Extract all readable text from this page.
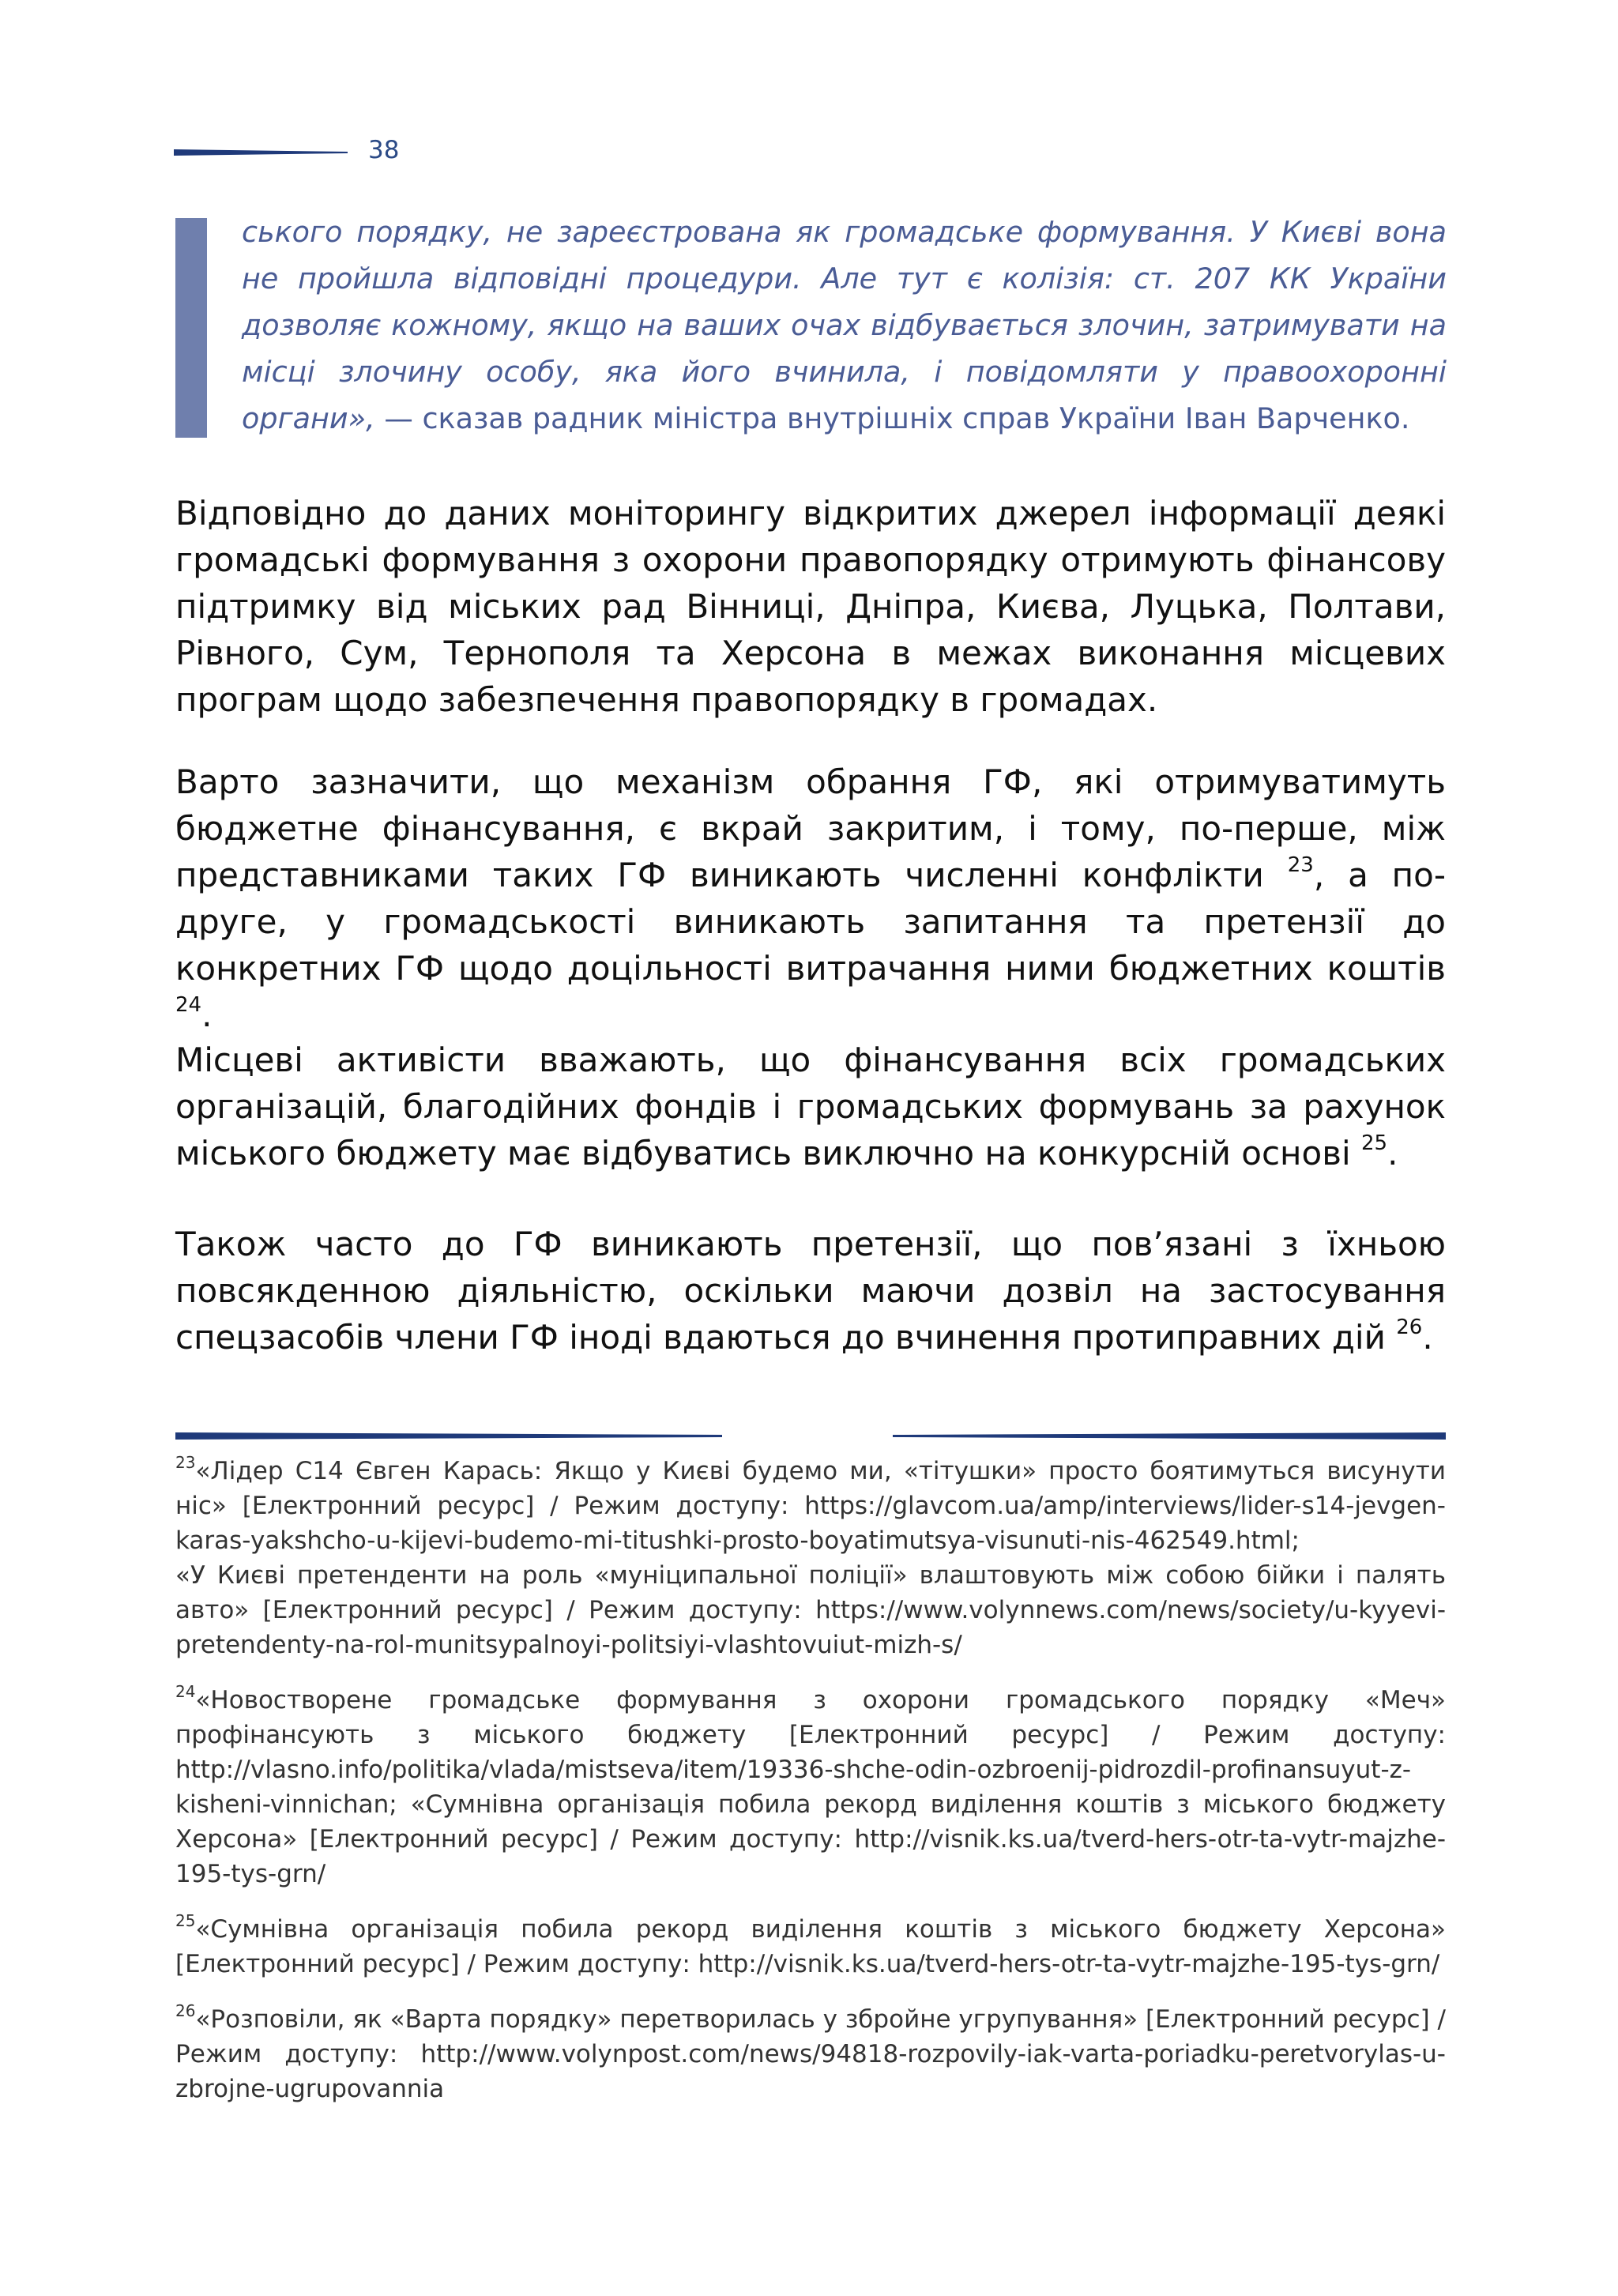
38

ського порядку, не зареєстрована як громадське формування. У Києві вона не пройшла відповідні процедури. Але тут є колізія: ст. 207 КК України дозволяє кожному, якщо на ваших очах відбувається злочин, затримувати на місці злочину особу, яка його вчинила, і повідомляти у правоохоронні органи», — сказав радник міністра внутрішніх справ України Іван Варченко.

Відповідно до даних моніторингу відкритих джерел інформації деякі громадські формування з охорони правопорядку отримують фінансову підтримку від міських рад Вінниці, Дніпра, Києва, Луцька, Полтави, Рівного, Сум, Тернополя та Херсона в межах виконання місцевих програм щодо забезпечення правопорядку в громадах.

Варто зазначити, що механізм обрання ГФ, які отримуватимуть бюджетне фінансування, є вкрай закритим, і тому, по-перше, між представниками таких ГФ виникають численні конфлікти $^{23}$, а по-друге, у громадськості виникають запитання та претензії до конкретних ГФ щодо доцільності витрачання ними бюджетних коштів $^{24}$.

Місцеві активісти вважають, що фінансування всіх громадських організацій, благодійних фондів і громадських формувань за рахунок міського бюджету має відбуватись виключно на конкурсній основі $^{25}$.

Також часто до ГФ виникають претензії, що пов’язані з їхньою повсякденною діяльністю, оскільки маючи дозвіл на застосування спецзасобів члени ГФ іноді вдаються до вчинення протиправних дій $^{26}$.

$^{23}$«Лідер С14 Євген Карась: Якщо у Києві будемо ми, «тітушки» просто боятимуться висунути ніс» [Електронний ресурс] / Режим доступу: https://glavcom.ua/amp/interviews/lider-s14-jevgen-karas-yakshcho-u-kijevi-budemo-mi-titushki-prosto-boyatimutsya-visunuti-nis-462549.html;

«У Києві претенденти на роль «муніципальної поліції» влаштовують між собою бійки і палять авто» [Електронний ресурс] / Режим доступу: https://www.volynnews.com/news/society/u-kyyevi-pretendenty-na-rol-munitsypalnoyi-politsiyi-vlashtovuiut-mizh-s/

$^{24}$«Новостворене громадське формування з охорони громадського порядку «Меч» профінансують з міського бюджету [Електронний ресурс] / Режим доступу: http://vlasno.info/politika/vlada/mistseva/item/19336-shche-odin-ozbroenij-pidrozdil-profinansuyut-z-kisheni-vinnichan; «Сумнівна організація побила рекорд виділення коштів з міського бюджету Херсона» [Електронний ресурс] / Режим доступу: http://visnik.ks.ua/tverd-hers-otr-ta-vytr-majzhe-195-tys-grn/

$^{25}$«Сумнівна організація побила рекорд виділення коштів з міського бюджету Херсона» [Електронний ресурс] / Режим доступу: http://visnik.ks.ua/tverd-hers-otr-ta-vytr-majzhe-195-tys-grn/

$^{26}$«Розповіли, як «Варта порядку» перетворилась у збройне угрупування» [Електронний ресурс] / Режим доступу: http://www.volynpost.com/news/94818-rozpovily-iak-varta-poriadku-peretvorylas-u-zbrojne-ugrupovannia
